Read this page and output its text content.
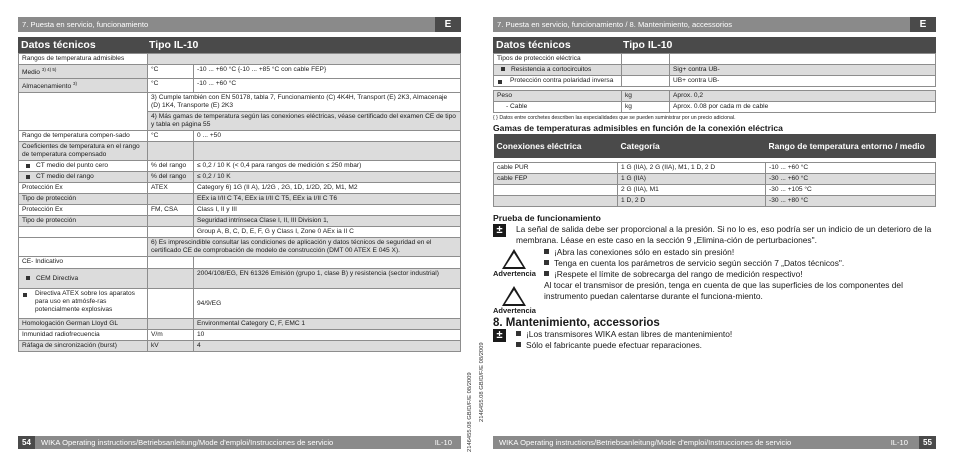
7. Puesta en servicio, funcionamiento	E
Datos técnicos	Tipo IL-10
Rangos de temperatura admisibles		
Medio $^{3) 4) 5)}$	°C	-10 ... +60 °C {-10 ... +85 °C con cable FEP}
Almacenamiento $^{3)}$	°C	-10 ... +60 °C
	3) Cumple también con EN 50178, tabla 7, Funcionamiento (C) 4K4H, Transport (E) 2K3, Almacenaje (D) 1K4, Transporte (E) 2K3	
	4) Más gamas de temperatura según las conexiones eléctricas, véase certificado del examen CE de tipo y tabla en página 55	
Rango de temperatura compen-sado	°C	0 ... +50
Coeficientes de temperatura en el rango de temperatura compensado		
CT medio del punto cero	% del rango	≤ 0,2 / 10 K (< 0,4 para rangos de medición ≤ 250 mbar)
CT medio del rango	% del rango	≤ 0,2 / 10 K
Protección Ex	ATEX	Category 6) 1G (II A), 1/2G , 2G, 1D, 1/2D, 2D, M1, M2
Tipo de protección		EEx ia I/II C T4, EEx ia I/II C T5, EEx ia I/II C T6
Protección Ex	FM, CSA	Class I, II y III
Tipo de protección		Seguridad intrínseca Clase I, II, III Division 1,
		Group A, B, C, D, E, F, G y Class I, Zone 0 AEx ia II C
	6) Es imprescindible consultar las condiciones de aplicación y datos técnicos de seguridad en el certificado CE de comprobación de modelo de construcción (DMT 00 ATEX E 045 X).	
CE- Indicativo		
CEM Directiva		2004/108/EG, EN 61326 Emisión (grupo 1, clase B) y resistencia (sector industrial)

Directiva ATEX sobre los aparatos para uso en atmósfe-ras potencialmente explosivas		94/9/EG
Homologación German Lloyd GL		Environmental Category C, F, EMC 1
Inmunidad radiofrecuencia	V/m	10
Ráfaga de sincronización (burst)	kV	4
54 WIKA Operating instructions/Betriebsanleitung/Mode d'emploi/Instrucciones de servicio	IL-10	2146455.08 GB/D/F/E 08/2009 2146455.08 GB/D/F/E 08/2009
7. Puesta en servicio, funcionamiento / 8. Mantenimiento, accessorios	E
Datos técnicos	Tipo IL-10
Tipos de protección eléctrica		
Resistencia a cortocircuitos		Sig+ contra UB-

Protección contra polaridad inversa		UB+ contra UB-

Peso	kg	Aprox. 0,2
- Cable	kg	Aprox. 0.08 por cada m de cable
{ } Datos entre corchetes describen las especialidades que se pueden suministrar por un precio adicional.
Gamas de temperaturas admisibles en función de la conexión eléctrica
Conexiones eléctrica	Categoría	Rango de temperatura entorno / medio

cable PUR	1 G (IIA), 2 G (IIA), M1, 1 D, 2 D	-10 ... +60 °C
cable FEP	1 G (IIA)	-30 ... +60 °C
	2 G (IIA), M1	-30 ... +105 °C
	1 D, 2 D	-30 ... +80 °C
Prueba de funcionamiento
±	La señal de salida debe ser proporcional a la presión. Si no lo es, eso podría ser un indicio de un deterioro de la membrana. Léase en este caso en la sección 9 „Elimina-ción de perturbaciones".
Advertencia
¡Abra las conexiones sólo en estado sin presión!
Tenga en cuenta los parámetros de servicio según sección 7 „Datos técnicos".
¡Respete el límite de sobrecarga del rango de medición respectivo!
Advertencia
Al tocar el transmisor de presión, tenga en cuenta de que las superficies de los componentes del instrumento puedan calentarse durante el funciona-miento.
8. Mantenimiento, accessorios
±	¡Los transmisores WIKA estan libres de mantenimiento!
Sólo el fabricante puede efectuar reparaciones.
WIKA Operating instructions/Betriebsanleitung/Mode d'emploi/Instrucciones de servicio	IL-10	55
